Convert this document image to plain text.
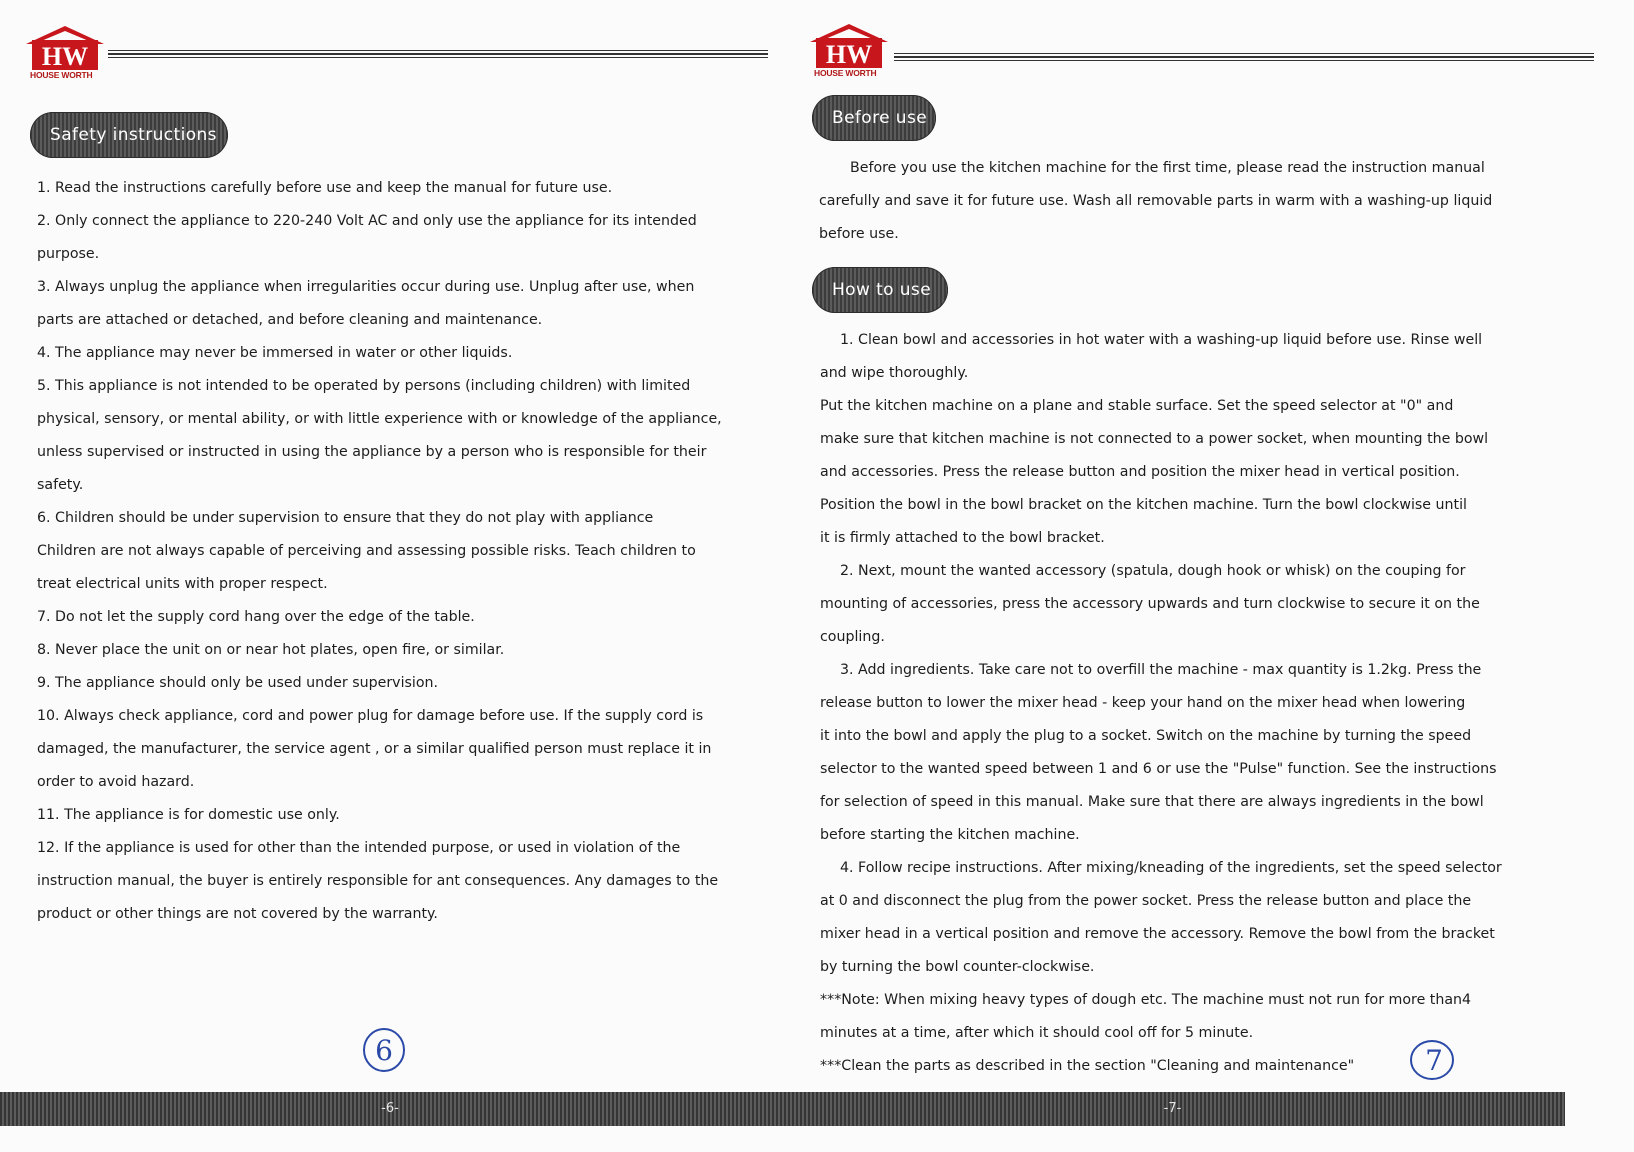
HW
HOUSE WORTH
Safety instructions
1. Read the instructions carefully before use and keep the manual for future use.
2. Only connect the appliance to 220-240 Volt AC and only use the appliance for its intended
purpose.
3. Always unplug the appliance when irregularities occur during use. Unplug after use, when
parts are attached or detached, and before cleaning and maintenance.
4. The appliance may never be immersed in water or other liquids.
5. This appliance is not intended to be operated by persons (including children) with limited
physical, sensory, or mental ability, or with little experience with or knowledge of the appliance,
unless supervised or instructed in using the appliance by a person who is responsible for their
safety.
6. Children should be under supervision to ensure that they do not play with appliance
Children are not always capable of perceiving and assessing possible risks. Teach children to
treat electrical units with proper respect.
7. Do not let the supply cord hang over the edge of the table.
8. Never place the unit on or near hot plates, open fire, or similar.
9. The appliance should only be used under supervision.
10. Always check appliance, cord and power plug for damage before use. If the supply cord is
damaged, the manufacturer, the service agent , or a similar qualified person must replace it in
order to avoid hazard.
11. The appliance is for domestic use only.
12. If the appliance is used for other than the intended purpose, or used in violation of the
instruction manual, the buyer is entirely responsible for ant consequences. Any damages to the
product or other things are not covered by the warranty.
6
-6-
HW
HOUSE WORTH
Before use
Before you use the kitchen machine for the first time, please read the instruction manual
carefully and save it for future use. Wash all removable parts in warm with a washing-up liquid
before use.
How to use
1. Clean bowl and accessories in hot water with a washing-up liquid before use. Rinse well
and wipe thoroughly.
Put the kitchen machine on a plane and stable surface. Set the speed selector at "0" and
make sure that kitchen machine is not connected to a power socket, when mounting the bowl
and accessories. Press the release button and position the mixer head in vertical position.
Position the bowl in the bowl bracket on the kitchen machine. Turn the bowl clockwise until
it is firmly attached to the bowl bracket.
2. Next, mount the wanted accessory (spatula, dough hook or whisk) on the couping for
mounting of accessories, press the accessory upwards and turn clockwise to secure it on the
coupling.
3. Add ingredients. Take care not to overfill the machine - max quantity is 1.2kg. Press the
release button to lower the mixer head - keep your hand on the mixer head when lowering
it into the bowl and apply the plug to a socket. Switch on the machine by turning the speed
selector to the wanted speed between 1 and 6 or use the "Pulse" function. See the instructions
for selection of speed in this manual. Make sure that there are always ingredients in the bowl
before starting the kitchen machine.
4. Follow recipe instructions. After mixing/kneading of the ingredients, set the speed selector
at 0 and disconnect the plug from the power socket. Press the release button and place the
mixer head in a vertical position and remove the accessory. Remove the bowl from the bracket
by turning the bowl counter-clockwise.
***Note: When mixing heavy types of dough etc. The machine must not run for more than4
minutes at a time, after which it should cool off for 5 minute.
***Clean the parts as described in the section "Cleaning and maintenance"	7
-7-
